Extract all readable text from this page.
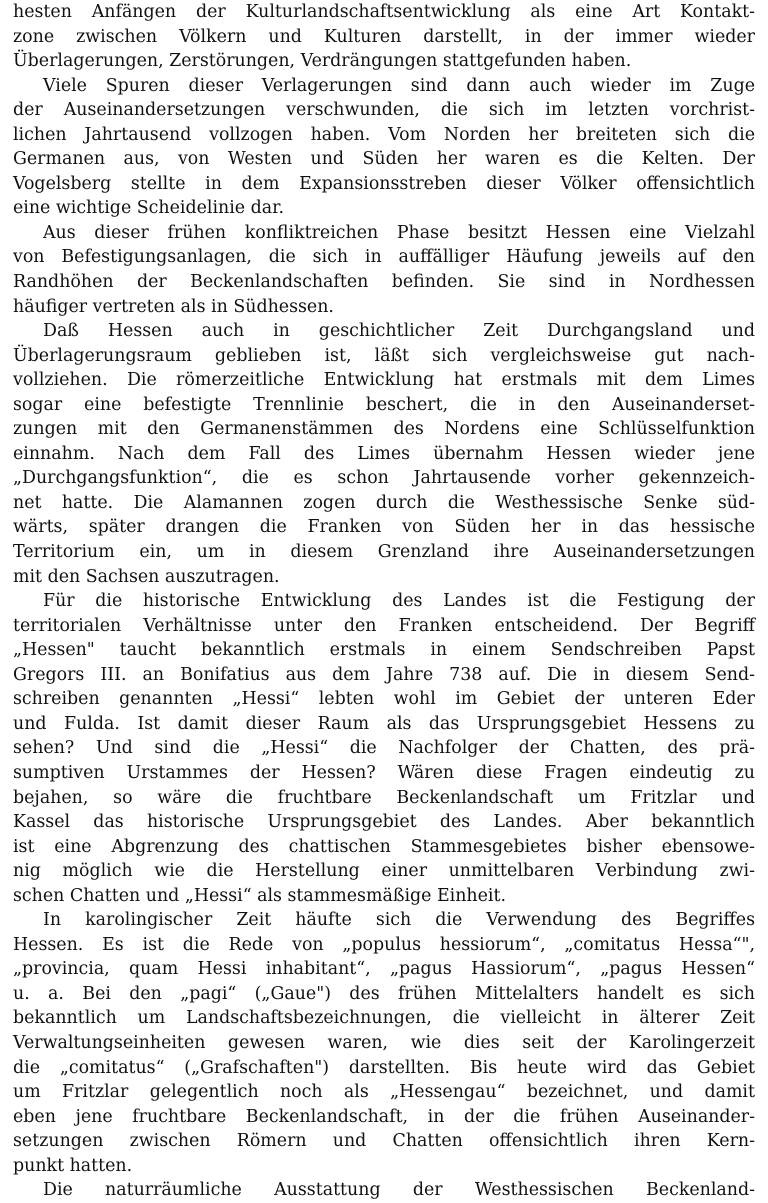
hesten Anfängen der Kulturlandschaftsentwicklung als eine Art Kontakt-
zone zwischen Völkern und Kulturen darstellt, in der immer wieder
Überlagerungen, Zerstörungen, Verdrängungen stattgefunden haben.
Viele Spuren dieser Verlagerungen sind dann auch wieder im Zuge
der Auseinandersetzungen verschwunden, die sich im letzten vorchrist-
lichen Jahrtausend vollzogen haben. Vom Norden her breiteten sich die
Germanen aus, von Westen und Süden her waren es die Kelten. Der
Vogelsberg stellte in dem Expansionsstreben dieser Völker offensichtlich
eine wichtige Scheidelinie dar.
Aus dieser frühen konfliktreichen Phase besitzt Hessen eine Vielzahl
von Befestigungsanlagen, die sich in auffälliger Häufung jeweils auf den
Randhöhen der Beckenlandschaften befinden. Sie sind in Nordhessen
häufiger vertreten als in Südhessen.
Daß Hessen auch in geschichtlicher Zeit Durchgangsland und
Überlagerungsraum geblieben ist, läßt sich vergleichsweise gut nach-
vollziehen. Die römerzeitliche Entwicklung hat erstmals mit dem Limes
sogar eine befestigte Trennlinie beschert, die in den Auseinanderset-
zungen mit den Germanenstämmen des Nordens eine Schlüsselfunktion
einnahm. Nach dem Fall des Limes übernahm Hessen wieder jene
„Durchgangsfunktion“, die es schon Jahrtausende vorher gekennzeich-
net hatte. Die Alamannen zogen durch die Westhessische Senke süd-
wärts, später drangen die Franken von Süden her in das hessische
Territorium ein, um in diesem Grenzland ihre Auseinandersetzungen
mit den Sachsen auszutragen.
Für die historische Entwicklung des Landes ist die Festigung der
territorialen Verhältnisse unter den Franken entscheidend. Der Begriff
„Hessen" taucht bekanntlich erstmals in einem Sendschreiben Papst
Gregors III. an Bonifatius aus dem Jahre 738 auf. Die in diesem Send-
schreiben genannten „Hessi“ lebten wohl im Gebiet der unteren Eder
und Fulda. Ist damit dieser Raum als das Ursprungsgebiet Hessens zu
sehen? Und sind die „Hessi“ die Nachfolger der Chatten, des prä-
sumptiven Urstammes der Hessen? Wären diese Fragen eindeutig zu
bejahen, so wäre die fruchtbare Beckenlandschaft um Fritzlar und
Kassel das historische Ursprungsgebiet des Landes. Aber bekanntlich
ist eine Abgrenzung des chattischen Stammesgebietes bisher ebensowe-
nig möglich wie die Herstellung einer unmittelbaren Verbindung zwi-
schen Chatten und „Hessi“ als stammesmäßige Einheit.
In karolingischer Zeit häufte sich die Verwendung des Begriffes
Hessen. Es ist die Rede von „populus hessiorum“, „comitatus Hessa“",
„provincia, quam Hessi inhabitant“, „pagus Hassiorum“, „pagus Hessen“
u. a. Bei den „pagi“ („Gaue") des frühen Mittelalters handelt es sich
bekanntlich um Landschaftsbezeichnungen, die vielleicht in älterer Zeit
Verwaltungseinheiten gewesen waren, wie dies seit der Karolingerzeit
die „comitatus“ („Grafschaften") darstellten. Bis heute wird das Gebiet
um Fritzlar gelegentlich noch als „Hessengau“ bezeichnet, und damit
eben jene fruchtbare Beckenlandschaft, in der die frühen Auseinander-
setzungen zwischen Römern und Chatten offensichtlich ihren Kern-
punkt hatten.
Die naturräumliche Ausstattung der Westhessischen Beckenland-
